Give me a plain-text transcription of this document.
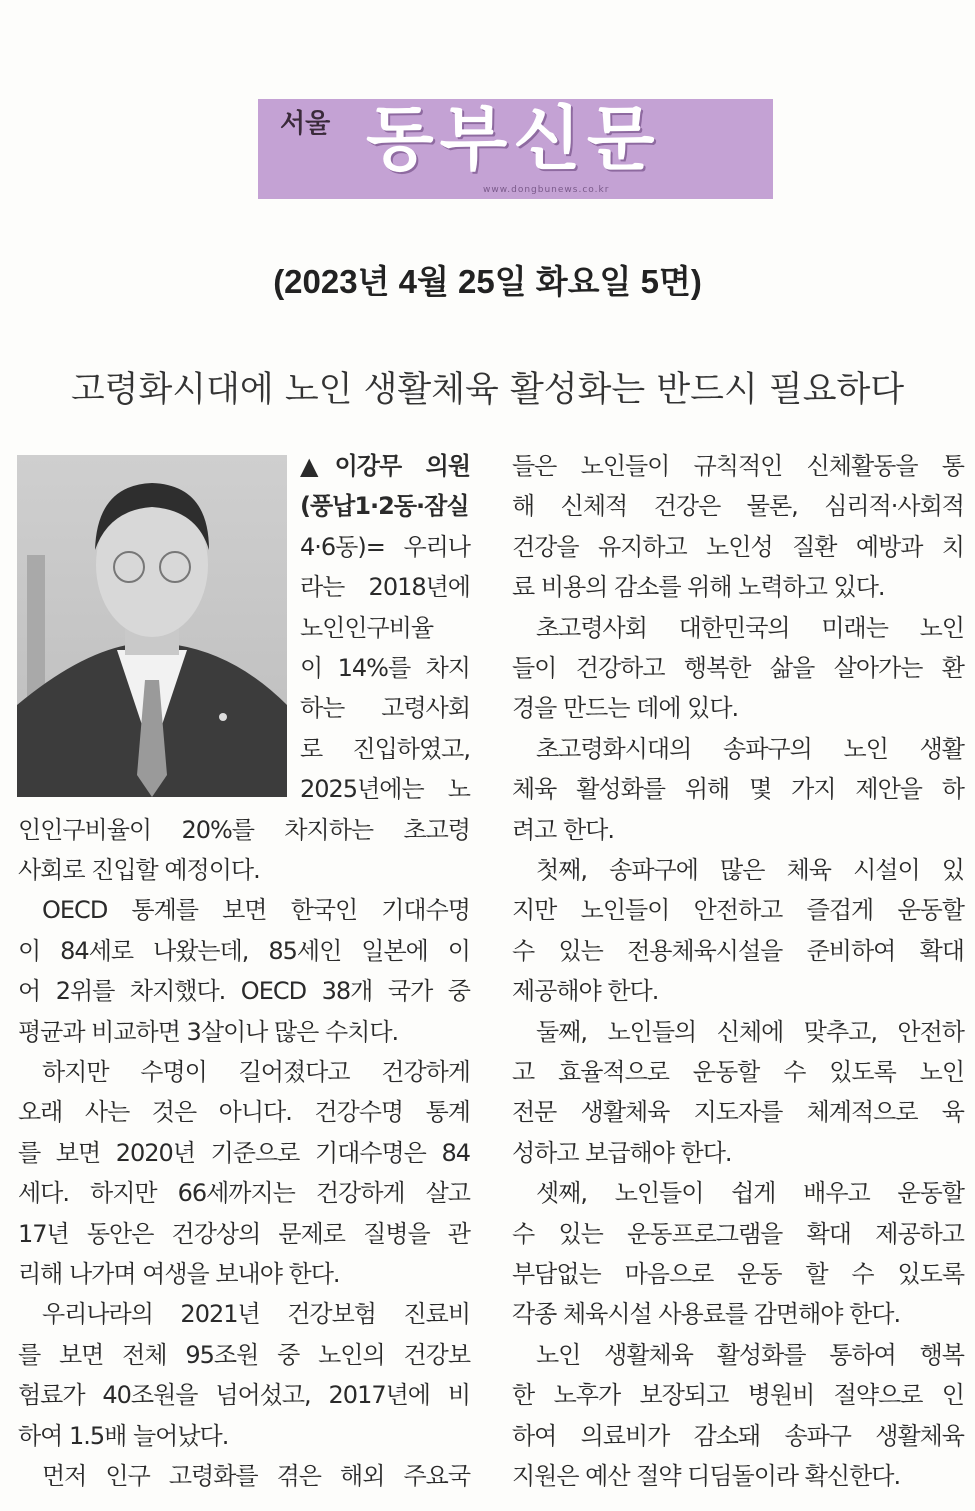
서울 동부신문
www.dongbunews.co.kr
(2023년 4월 25일 화요일 5면)
고령화시대에 노인 생활체육 활성화는 반드시 필요하다
▲이강무 의원
(풍납1·2동·잠실
4·6동)= 우리나
라는 2018년에
노인인구비율
이 14%를 차지
하는 고령사회
로 진입하였고,
2025년에는 노
인인구비율이 20%를 차지하는 초고령
사회로 진입할 예정이다.
OECD 통계를 보면 한국인 기대수명
이 84세로 나왔는데, 85세인 일본에 이
어 2위를 차지했다. OECD 38개 국가 중
평균과 비교하면 3살이나 많은 수치다.
하지만 수명이 길어졌다고 건강하게
오래 사는 것은 아니다. 건강수명 통계
를 보면 2020년 기준으로 기대수명은 84
세다. 하지만 66세까지는 건강하게 살고
17년 동안은 건강상의 문제로 질병을 관
리해 나가며 여생을 보내야 한다.
우리나라의 2021년 건강보험 진료비
를 보면 전체 95조원 중 노인의 건강보
험료가 40조원을 넘어섰고, 2017년에 비
하여 1.5배 늘어났다.
먼저 인구 고령화를 겪은 해외 주요국
들은 노인들이 규칙적인 신체활동을 통
해 신체적 건강은 물론, 심리적·사회적
건강을 유지하고 노인성 질환 예방과 치
료 비용의 감소를 위해 노력하고 있다.
초고령사회 대한민국의 미래는 노인
들이 건강하고 행복한 삶을 살아가는 환
경을 만드는 데에 있다.
초고령화시대의 송파구의 노인 생활
체육 활성화를 위해 몇 가지 제안을 하
려고 한다.
첫째, 송파구에 많은 체육 시설이 있
지만 노인들이 안전하고 즐겁게 운동할
수 있는 전용체육시설을 준비하여 확대
제공해야 한다.
둘째, 노인들의 신체에 맞추고, 안전하
고 효율적으로 운동할 수 있도록 노인
전문 생활체육 지도자를 체계적으로 육
성하고 보급해야 한다.
셋째, 노인들이 쉽게 배우고 운동할
수 있는 운동프로그램을 확대 제공하고
부담없는 마음으로 운동 할 수 있도록
각종 체육시설 사용료를 감면해야 한다.
노인 생활체육 활성화를 통하여 행복
한 노후가 보장되고 병원비 절약으로 인
하여 의료비가 감소돼 송파구 생활체육
지원은 예산 절약 디딤돌이라 확신한다.
